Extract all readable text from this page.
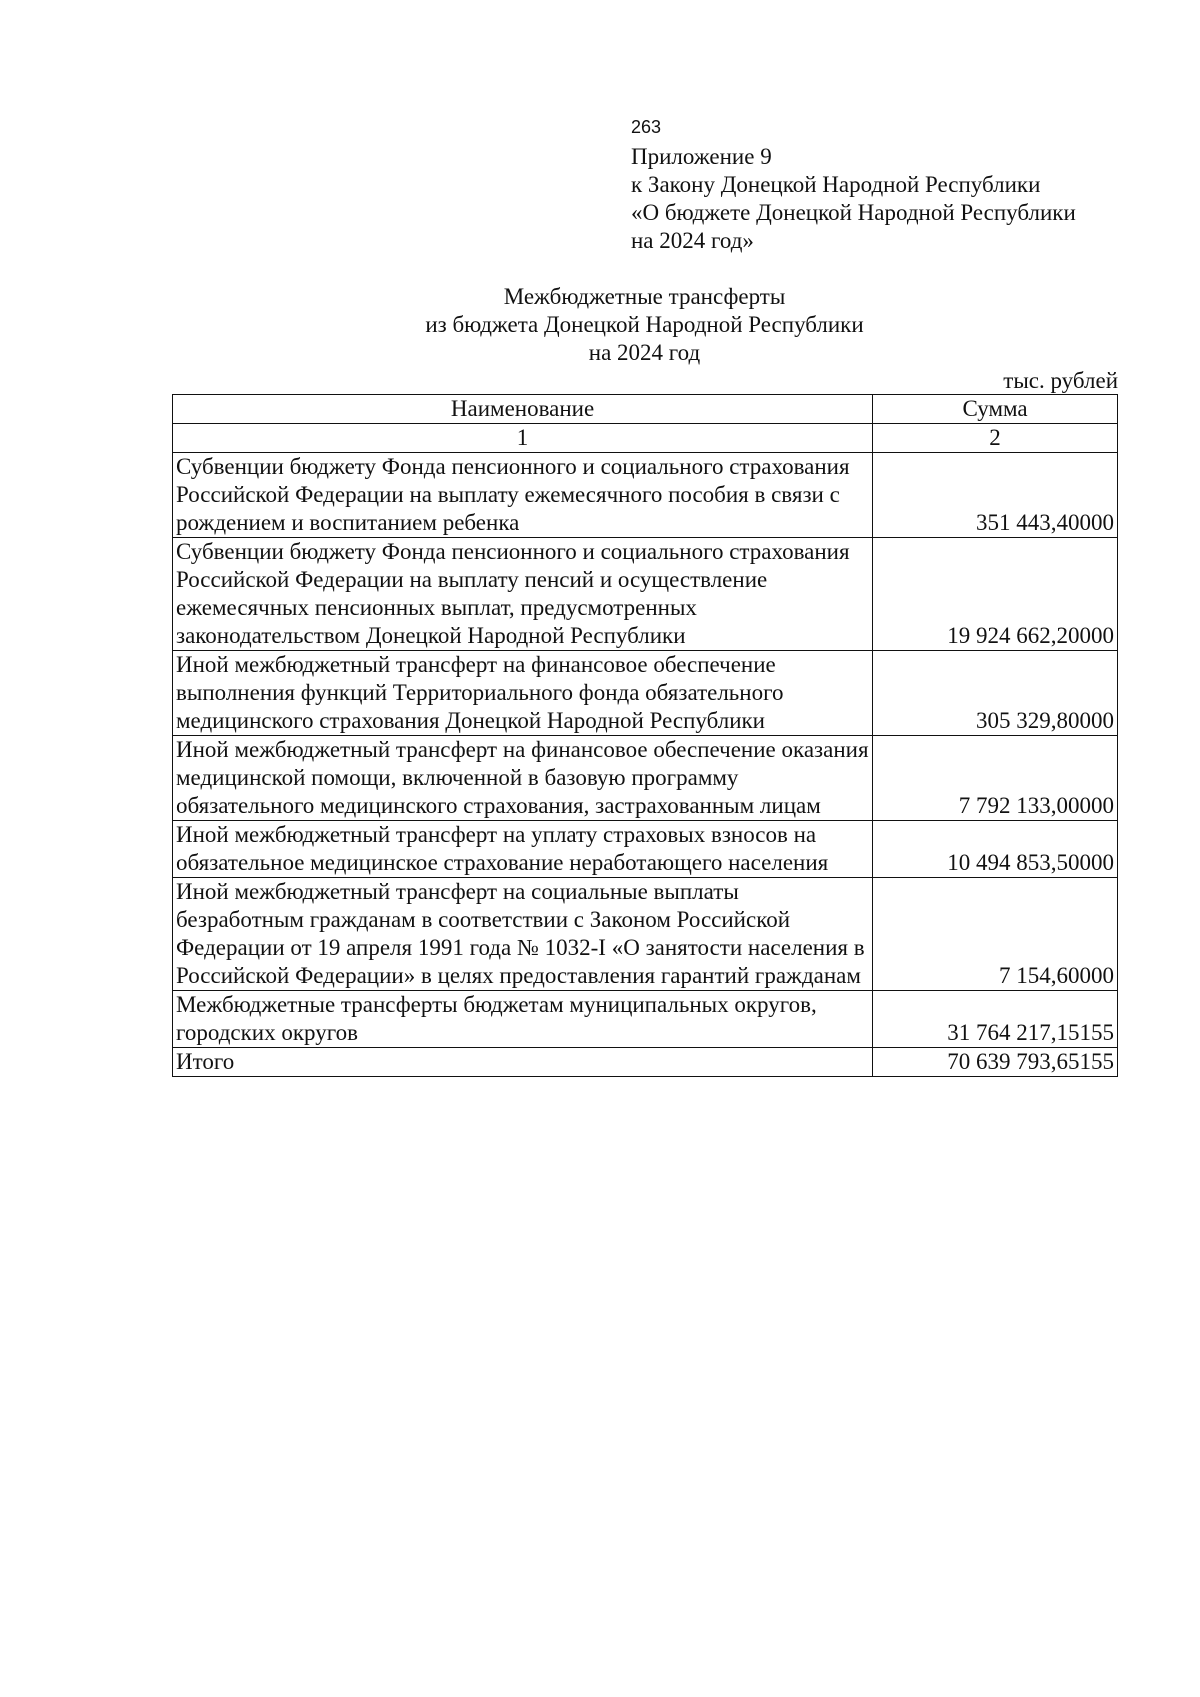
263
Приложение 9
к Закону Донецкой Народной Республики
«О бюджете Донецкой Народной Республики
на 2024 год»
Межбюджетные трансферты
из бюджета Донецкой Народной Республики
на 2024 год
тыс. рублей
Наименование	Сумма
1	2
Субвенции бюджету Фонда пенсионного и социального страхования Российской Федерации на выплату ежемесячного пособия в связи с рождением и воспитанием ребенка	351 443,40000
Субвенции бюджету Фонда пенсионного и социального страхования Российской Федерации на выплату пенсий и осуществление ежемесячных пенсионных выплат, предусмотренных законодательством Донецкой Народной Республики	19 924 662,20000
Иной межбюджетный трансферт на финансовое обеспечение выполнения функций Территориального фонда обязательного медицинского страхования Донецкой Народной Республики	305 329,80000
Иной межбюджетный трансферт на финансовое обеспечение оказания медицинской помощи, включенной в базовую программу обязательного медицинского страхования, застрахованным лицам	7 792 133,00000
Иной межбюджетный трансферт на уплату страховых взносов на обязательное медицинское страхование неработающего населения	10 494 853,50000
Иной межбюджетный трансферт на социальные выплаты безработным гражданам в соответствии с Законом Российской Федерации от 19 апреля 1991 года № 1032-I «О занятости населения в Российской Федерации» в целях предоставления гарантий гражданам	7 154,60000
Межбюджетные трансферты бюджетам муниципальных округов, городских округов	31 764 217,15155
Итого	70 639 793,65155
